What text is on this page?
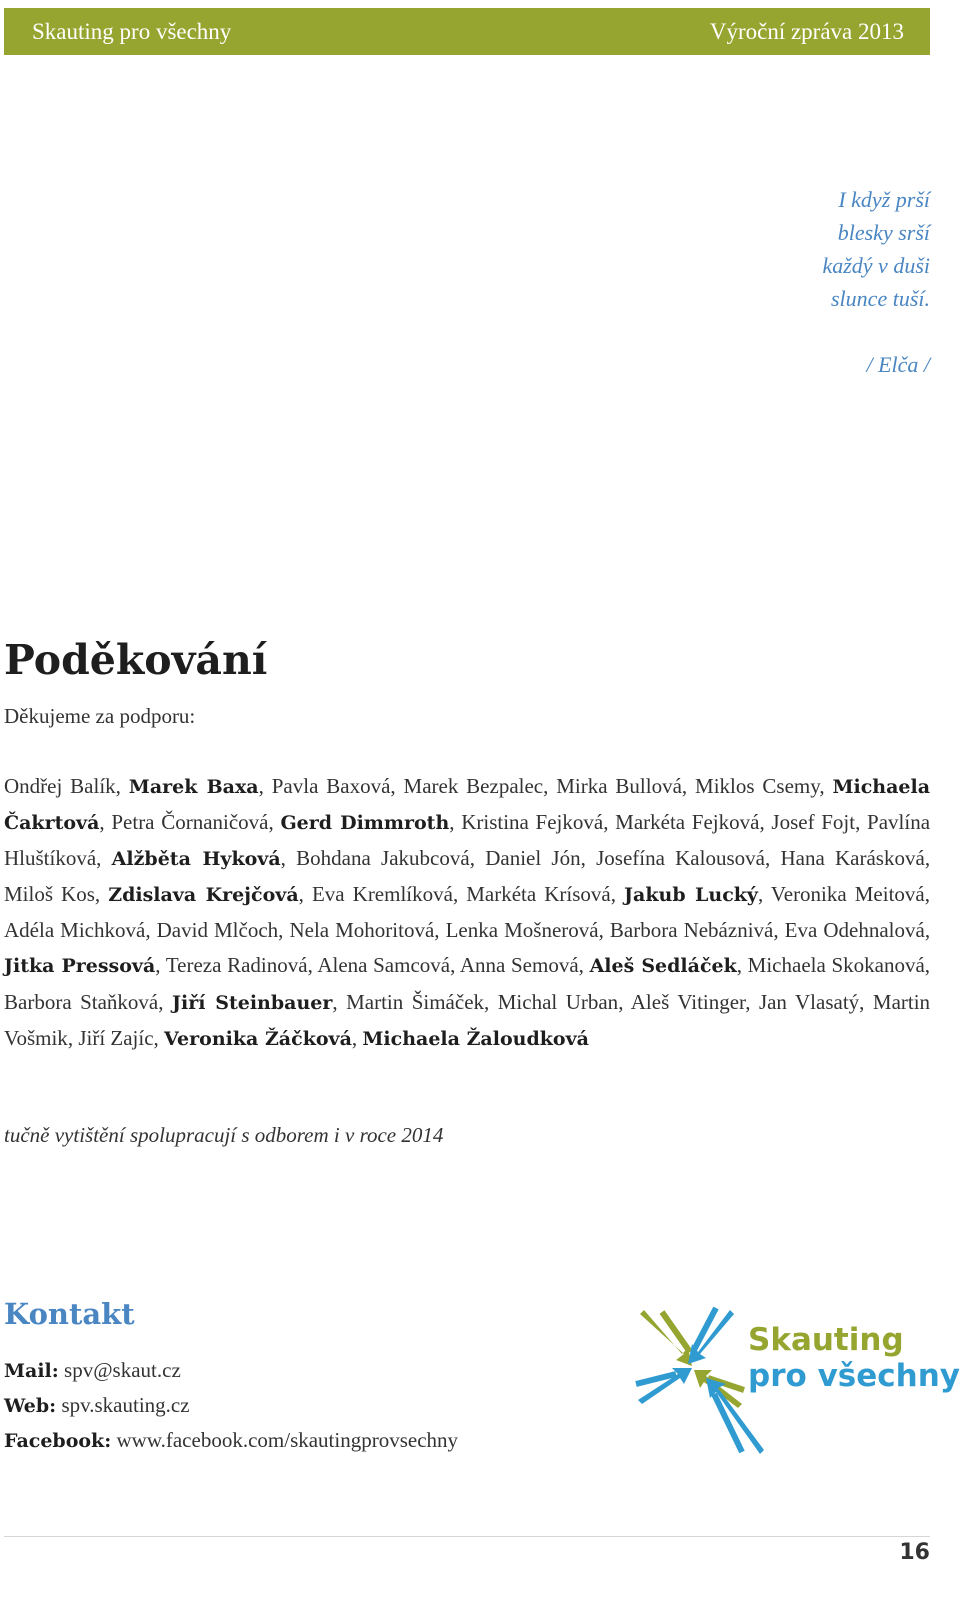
Skauting pro všechny	Výroční zpráva 2013
I když prší
blesky srší
každý v duši
slunce tuší.
/ Elča /
Poděkování
Děkujeme za podporu:
Ondřej Balík, Marek Baxa, Pavla Baxová, Marek Bezpalec, Mirka Bullová, Miklos Csemy, Michaela Čakrtová, Petra Čornaničová, Gerd Dimmroth, Kristina Fejková, Markéta Fejková, Josef Fojt, Pavlína Hluštíková, Alžběta Hyková, Bohdana Jakubcová, Daniel Jón, Josefína Kalousová, Hana Karásková, Miloš Kos, Zdislava Krejčová, Eva Kremlíková, Markéta Krísová, Jakub Lucký, Veronika Meitová, Adéla Michková, David Mlčoch, Nela Mohoritová, Lenka Mošnerová, Barbora Nebáznivá, Eva Odehnalová, Jitka Pressová, Tereza Radinová, Alena Samcová, Anna Semová, Aleš Sedláček, Michaela Skokanová, Barbora Staňková, Jiří Steinbauer, Martin Šimáček, Michal Urban, Aleš Vitinger, Jan Vlasatý, Martin Vošmik, Jiří Zajíc, Veronika Žáčková, Michaela Žaloudková
tučně vytištění spolupracují s odborem i v roce 2014
Kontakt
Mail: spv@skaut.cz
Web: spv.skauting.cz
Facebook: www.facebook.com/skautingprovsechny
Skauting
pro všechny
16
